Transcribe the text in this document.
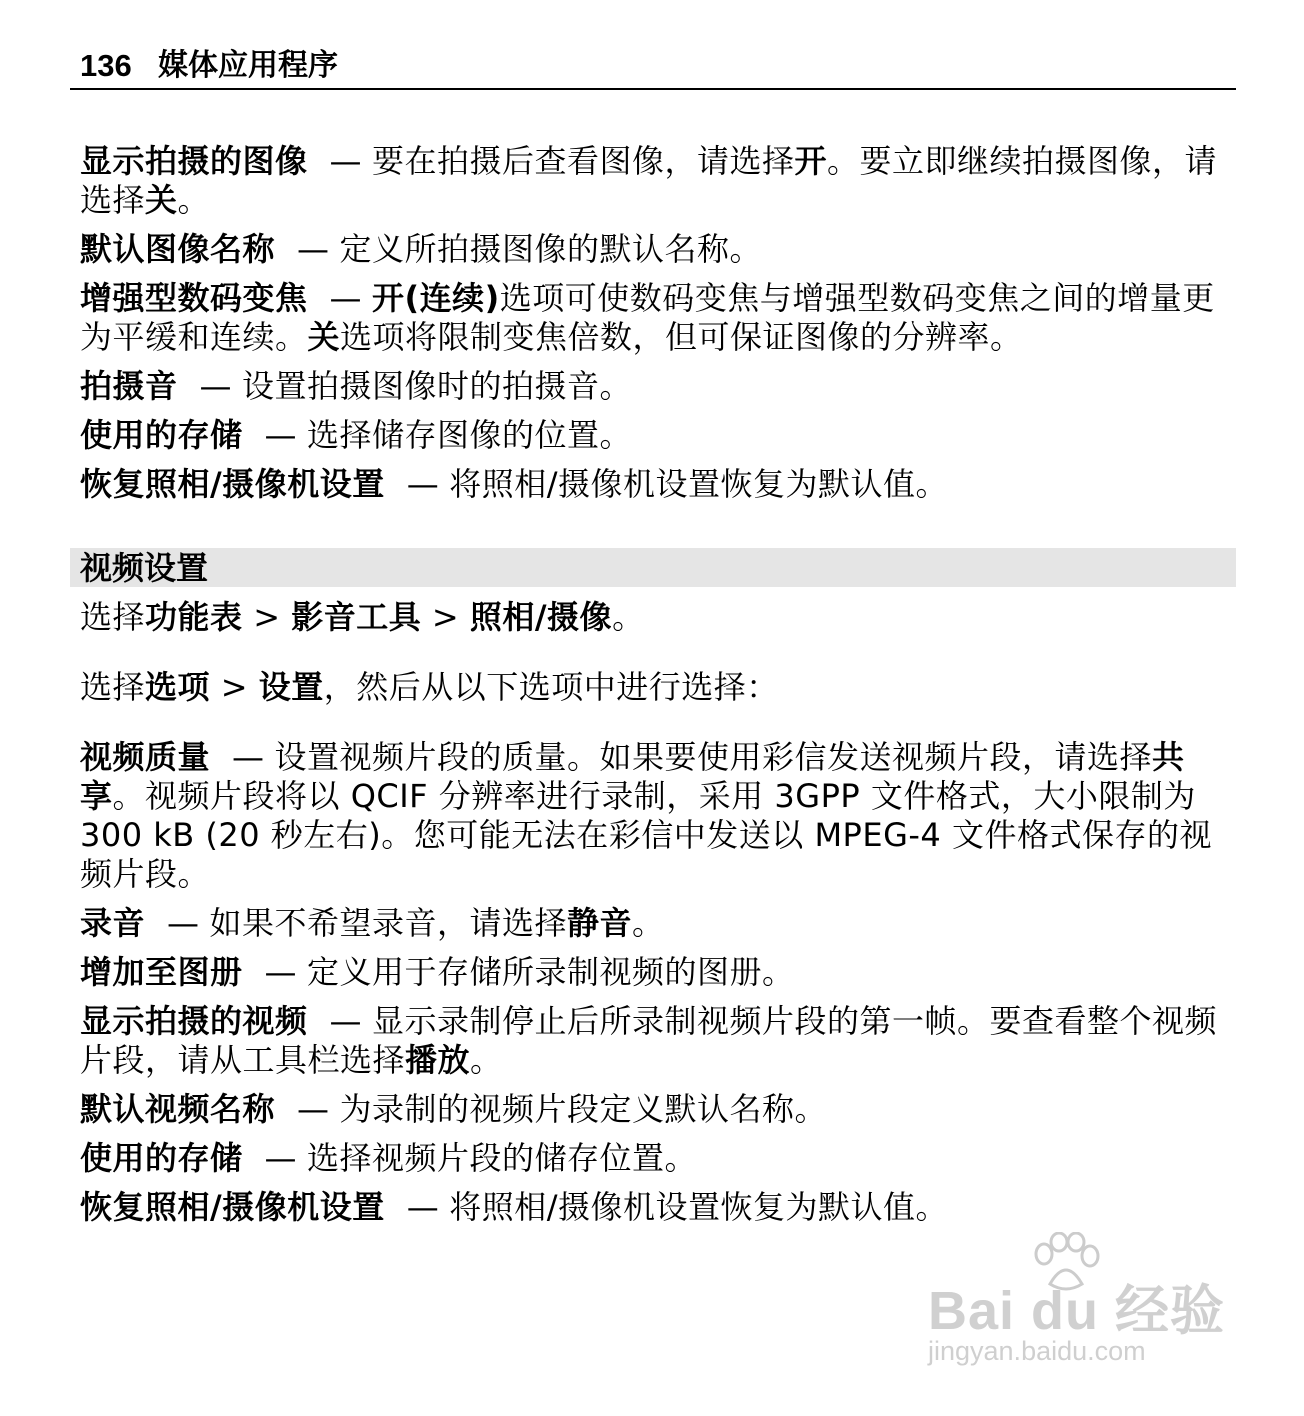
136 媒体应用程序
显示拍摄的图像 — 要在拍摄后查看图像，请选择开。要立即继续拍摄图像，请选择关。
默认图像名称 — 定义所拍摄图像的默认名称。
增强型数码变焦 — 开(连续)选项可使数码变焦与增强型数码变焦之间的增量更为平缓和连续。关选项将限制变焦倍数，但可保证图像的分辨率。
拍摄音 — 设置拍摄图像时的拍摄音。
使用的存储 — 选择储存图像的位置。
恢复照相/摄像机设置 — 将照相/摄像机设置恢复为默认值。
视频设置
选择功能表 > 影音工具 > 照相/摄像。
选择选项 > 设置，然后从以下选项中进行选择：
视频质量 — 设置视频片段的质量。如果要使用彩信发送视频片段，请选择共享。视频片段将以 QCIF 分辨率进行录制，采用 3GPP 文件格式，大小限制为 300 kB (20 秒左右)。您可能无法在彩信中发送以 MPEG-4 文件格式保存的视频片段。
录音 — 如果不希望录音，请选择静音。
增加至图册 — 定义用于存储所录制视频的图册。
显示拍摄的视频 — 显示录制停止后所录制视频片段的第一帧。要查看整个视频片段，请从工具栏选择播放。
默认视频名称 — 为录制的视频片段定义默认名称。
使用的存储 — 选择视频片段的储存位置。
恢复照相/摄像机设置 — 将照相/摄像机设置恢复为默认值。
Bai du 经验
jingyan.baidu.com
